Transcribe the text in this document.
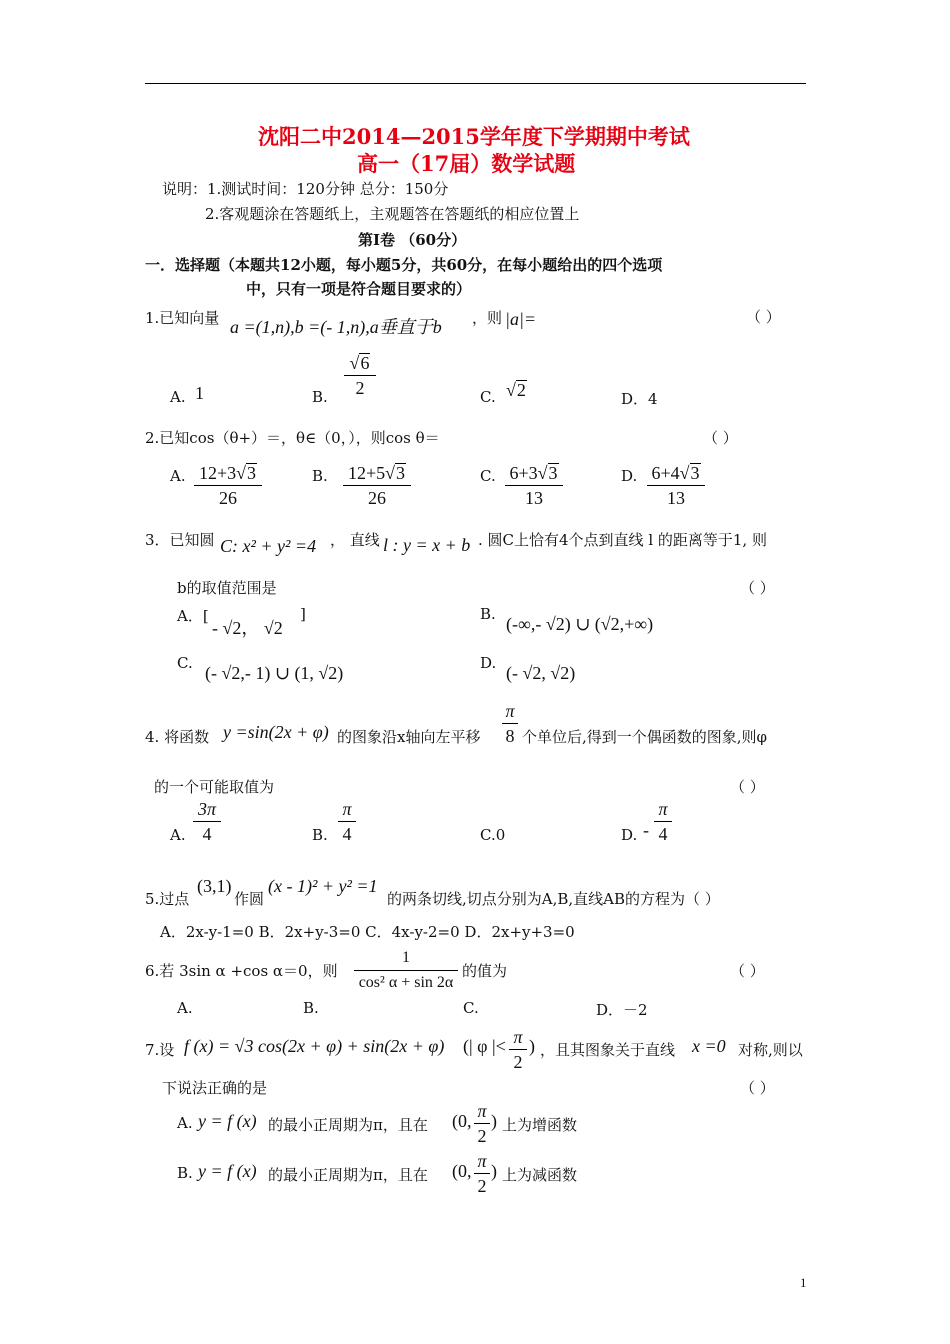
沈阳二中2014—2015学年度下学期期中考试
高一（17届）数学试题
说明：1.测试时间：120分钟 总分：150分
2.客观题涂在答题纸上，主观题答在答题纸的相应位置上
第Ⅰ卷 （60分）
一．选择题（本题共12小题，每小题5分，共60分，在每小题给出的四个选项
中，只有一项是符合题目要求的）
1.已知向量 a =(1,n),b =(- 1,n),a垂直于b ，则 |a|=	（ ）
A. 1	B.
√6
2	C. √2	D．4
2.已知cos（θ+）＝，θ∈（0，），则cos θ＝	（ ）
A. 12+3√3
26
B. 12+5√3
26
C. 6+3√3
13
D. 6+4√3
13
3．已知圆 C: x² + y² =4 ， 直线 l : y = x + b . 圆C上恰有4个点到直线 l 的距离等于1, 则
b的取值范围是	（ ）
A．[
- √2， √2
]	B. (-∞,- √2) ∪ (√2,+∞)
C. (- √2,- 1) ∪ (1, √2)	D. (- √2, √2)
4. 将函数 y =sin(2x + φ) 的图象沿x轴向左平移
π
8 个单位后,得到一个偶函数的图象,则φ
的一个可能取值为	（ ）
A.
3π
4	B.
π
4	C.0	D. -
π
4
5.过点
(3,1)
作圆
(x - 1)² + y² =1
的两条切线,切点分别为A,B,直线AB的方程为（ ）
A．2x-y-1=0 B．2x+y-3=0 C．4x-y-2=0 D．2x+y+3=0
6.若 3sin α +cos α＝0，则
1
cos² α + sin 2α
的值为	（ ）
A.	B.	C.	D．－2
7.设 f (x) = √3 cos(2x + φ) + sin(2x + φ) (| φ |< π
2
) ，且其图象关于直线 x =0 对称,则以
下说法正确的是	（ ）
A. y = f (x) 的最小正周期为π，且在 (0, π
2
) 上为增函数
B. y = f (x) 的最小正周期为π，且在 (0, π
2
) 上为减函数
1
